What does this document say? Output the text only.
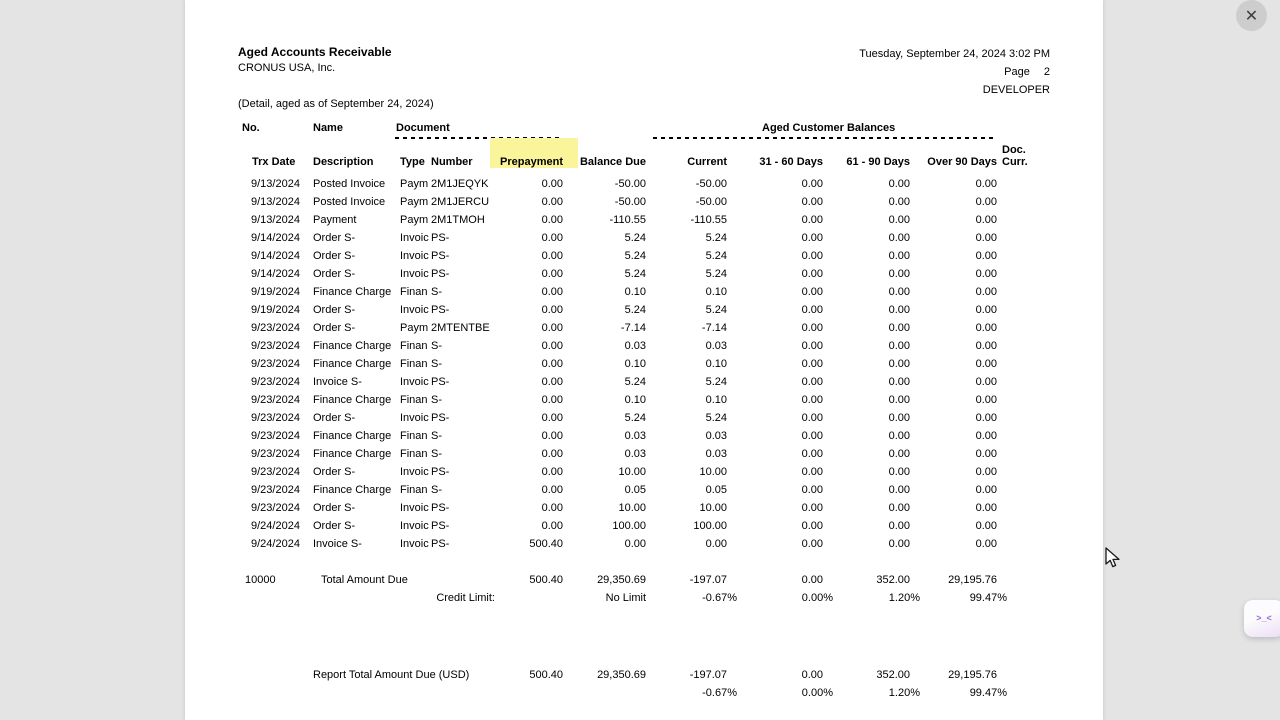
Aged Accounts Receivable
CRONUS USA, Inc.
Tuesday, September 24, 2024 3:02 PM
Page 2
DEVELOPER
(Detail, aged as of September 24, 2024)
No.	Name	Document	Aged Customer Balances
Trx Date	Description	Type	Number	Prepayment	Balance Due	Current	31 - 60 Days	61 - 90 Days	Over 90 Days	Doc.
Curr.
9/13/2024	Posted Invoice	Paym	2M1JEQYK	0.00	-50.00	-50.00	0.00	0.00	0.00	
9/13/2024	Posted Invoice	Paym	2M1JERCU	0.00	-50.00	-50.00	0.00	0.00	0.00	
9/13/2024	Payment	Paym	2M1TMOH	0.00	-110.55	-110.55	0.00	0.00	0.00	
9/14/2024	Order S-	Invoic	PS-	0.00	5.24	5.24	0.00	0.00	0.00	
9/14/2024	Order S-	Invoic	PS-	0.00	5.24	5.24	0.00	0.00	0.00	
9/14/2024	Order S-	Invoic	PS-	0.00	5.24	5.24	0.00	0.00	0.00	
9/19/2024	Finance Charge	Finan	S-	0.00	0.10	0.10	0.00	0.00	0.00	
9/19/2024	Order S-	Invoic	PS-	0.00	5.24	5.24	0.00	0.00	0.00	
9/23/2024	Order S-	Paym	2MTENTBE	0.00	-7.14	-7.14	0.00	0.00	0.00	
9/23/2024	Finance Charge	Finan	S-	0.00	0.03	0.03	0.00	0.00	0.00	
9/23/2024	Finance Charge	Finan	S-	0.00	0.10	0.10	0.00	0.00	0.00	
9/23/2024	Invoice S-	Invoic	PS-	0.00	5.24	5.24	0.00	0.00	0.00	
9/23/2024	Finance Charge	Finan	S-	0.00	0.10	0.10	0.00	0.00	0.00	
9/23/2024	Order S-	Invoic	PS-	0.00	5.24	5.24	0.00	0.00	0.00	
9/23/2024	Finance Charge	Finan	S-	0.00	0.03	0.03	0.00	0.00	0.00	
9/23/2024	Finance Charge	Finan	S-	0.00	0.03	0.03	0.00	0.00	0.00	
9/23/2024	Order S-	Invoic	PS-	0.00	10.00	10.00	0.00	0.00	0.00	
9/23/2024	Finance Charge	Finan	S-	0.00	0.05	0.05	0.00	0.00	0.00	
9/23/2024	Order S-	Invoic	PS-	0.00	10.00	10.00	0.00	0.00	0.00	
9/24/2024	Order S-	Invoic	PS-	0.00	100.00	100.00	0.00	0.00	0.00	
9/24/2024	Invoice S-	Invoic	PS-	500.40	0.00	0.00	0.00	0.00	0.00	

10000	Total Amount Due			500.40	29,350.69	-197.07	0.00	352.00	29,195.76	
	Credit Limit:				No Limit	-0.67%	0.00%	1.20%	99.47%	

	Report Total Amount Due (USD)			500.40	29,350.69	-197.07	0.00	352.00	29,195.76	
						-0.67%	0.00%	1.20%	99.47%	
✕
>_<
